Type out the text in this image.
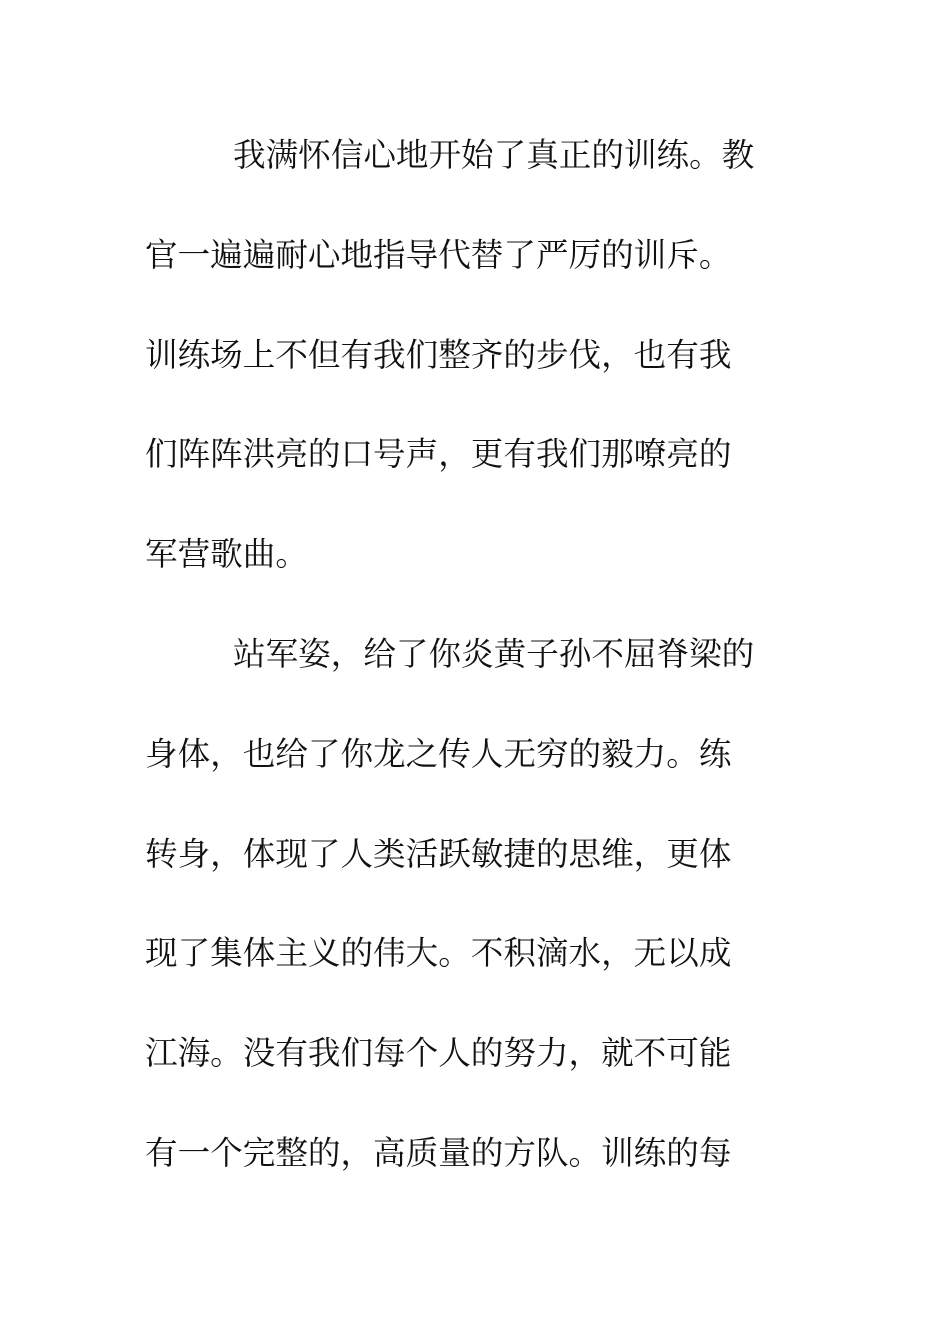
我满怀信心地开始了真正的训练。教
官一遍遍耐心地指导代替了严厉的训斥。
训练场上不但有我们整齐的步伐，也有我
们阵阵洪亮的口号声，更有我们那嘹亮的
军营歌曲。
站军姿，给了你炎黄子孙不屈脊梁的
身体，也给了你龙之传人无穷的毅力。练
转身，体现了人类活跃敏捷的思维，更体
现了集体主义的伟大。不积滴水，无以成
江海。没有我们每个人的努力，就不可能
有一个完整的，高质量的方队。训练的每
